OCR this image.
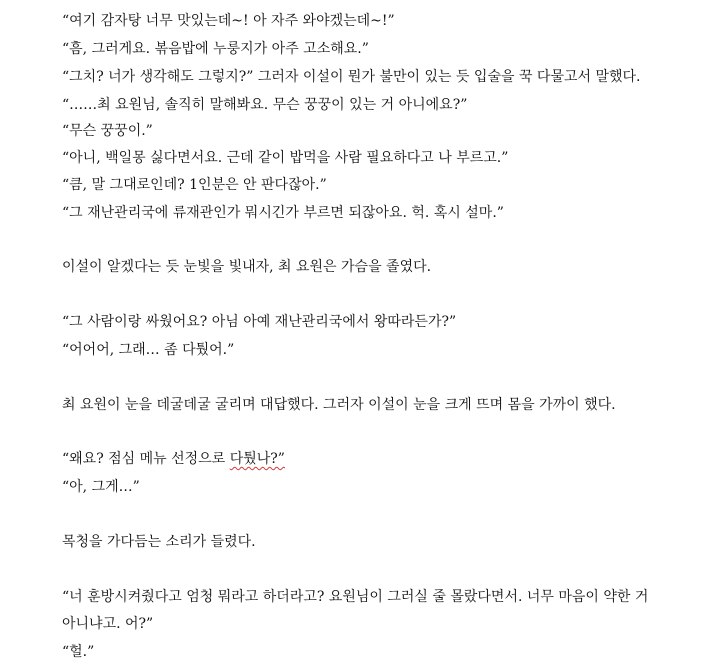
“여기 감자탕 너무 맛있는데~! 아 자주 와야겠는데~!”
“흠, 그러게요. 볶음밥에 누룽지가 아주 고소해요.”
“그치? 너가 생각해도 그렇지?” 그러자 이설이 뭔가 불만이 있는 듯 입술을 꾹 다물고서 말했다.
“……최 요원님, 솔직히 말해봐요. 무슨 꿍꿍이 있는 거 아니에요?”
“무슨 꿍꿍이.”
“아니, 백일몽 싫다면서요. 근데 같이 밥먹을 사람 필요하다고 나 부르고.”
“큼, 말 그대로인데? 1인분은 안 판다잖아.”
“그 재난관리국에 류재관인가 뭐시긴가 부르면 되잖아요. 헉. 혹시 설마.”
이설이 알겠다는 듯 눈빛을 빛내자, 최 요원은 가슴을 졸였다.
“그 사람이랑 싸웠어요? 아님 아예 재난관리국에서 왕따라든가?”
“어어어, 그래… 좀 다퉜어.”
최 요원이 눈을 데굴데굴 굴리며 대답했다. 그러자 이설이 눈을 크게 뜨며 몸을 가까이 했다.
“왜요? 점심 메뉴 선정으로 다퉜나?”
“아, 그게…”
목청을 가다듬는 소리가 들렸다.
“너 훈방시켜줬다고 엄청 뭐라고 하더라고? 요원님이 그러실 줄 몰랐다면서. 너무 마음이 약한 거
아니냐고. 어?”
“헐.”
